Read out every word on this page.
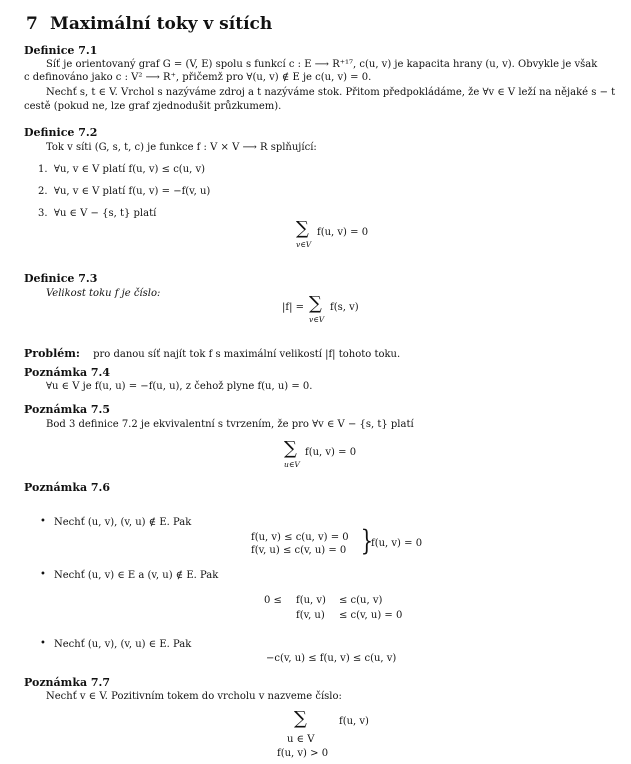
7 Maximální toky v sítích
Definice 7.1
Síť je orientovaný graf G = (V, E) spolu s funkcí c : E ⟶ R⁺¹⁷, c(u, v) je kapacita hrany (u, v). Obvykle je však
c definováno jako c : V² ⟶ R⁺, přičemž pro ∀(u, v) ∉ E je c(u, v) = 0.
Nechť s, t ∈ V. Vrchol s nazýváme zdroj a t nazýváme stok. Přitom předpokládáme, že ∀v ∈ V leží na nějaké s − t
cestě (pokud ne, lze graf zjednodušit průzkumem).
Definice 7.2
Tok v síti (G, s, t, c) je funkce f : V × V ⟶ R splňující:
1. ∀u, v ∈ V platí f(u, v) ≤ c(u, v)
2. ∀u, v ∈ V platí f(u, v) = −f(v, u)
3. ∀u ∈ V − {s, t} platí
∑
v∈V
f(u, v) = 0
Definice 7.3
Velikost toku f je číslo:
|f| = ∑
v∈V
f(s, v)
Problém: pro danou síť najít tok f s maximální velikostí |f| tohoto toku.
Poznámka 7.4
∀u ∈ V je f(u, u) = −f(u, u), z čehož plyne f(u, u) = 0.
Poznámka 7.5
Bod 3 definice 7.2 je ekvivalentní s tvrzením, že pro ∀v ∈ V − {s, t} platí
∑
u∈V
f(u, v) = 0
Poznámka 7.6
• Nechť (u, v), (v, u) ∉ E. Pak
f(u, v) ≤ c(u, v) = 0
f(v, u) ≤ c(v, u) = 0 }
f(u, v) = 0
• Nechť (u, v) ∈ E a (v, u) ∉ E. Pak
0 ≤ f(u, v) ≤ c(u, v)
f(v, u) ≤ c(v, u) = 0
• Nechť (u, v), (v, u) ∈ E. Pak
−c(v, u) ≤ f(u, v) ≤ c(u, v)
Poznámka 7.7
Nechť v ∈ V. Pozitivním tokem do vrcholu v nazveme číslo:
∑	f(u, v)
u ∈ V
f(u, v) > 0
